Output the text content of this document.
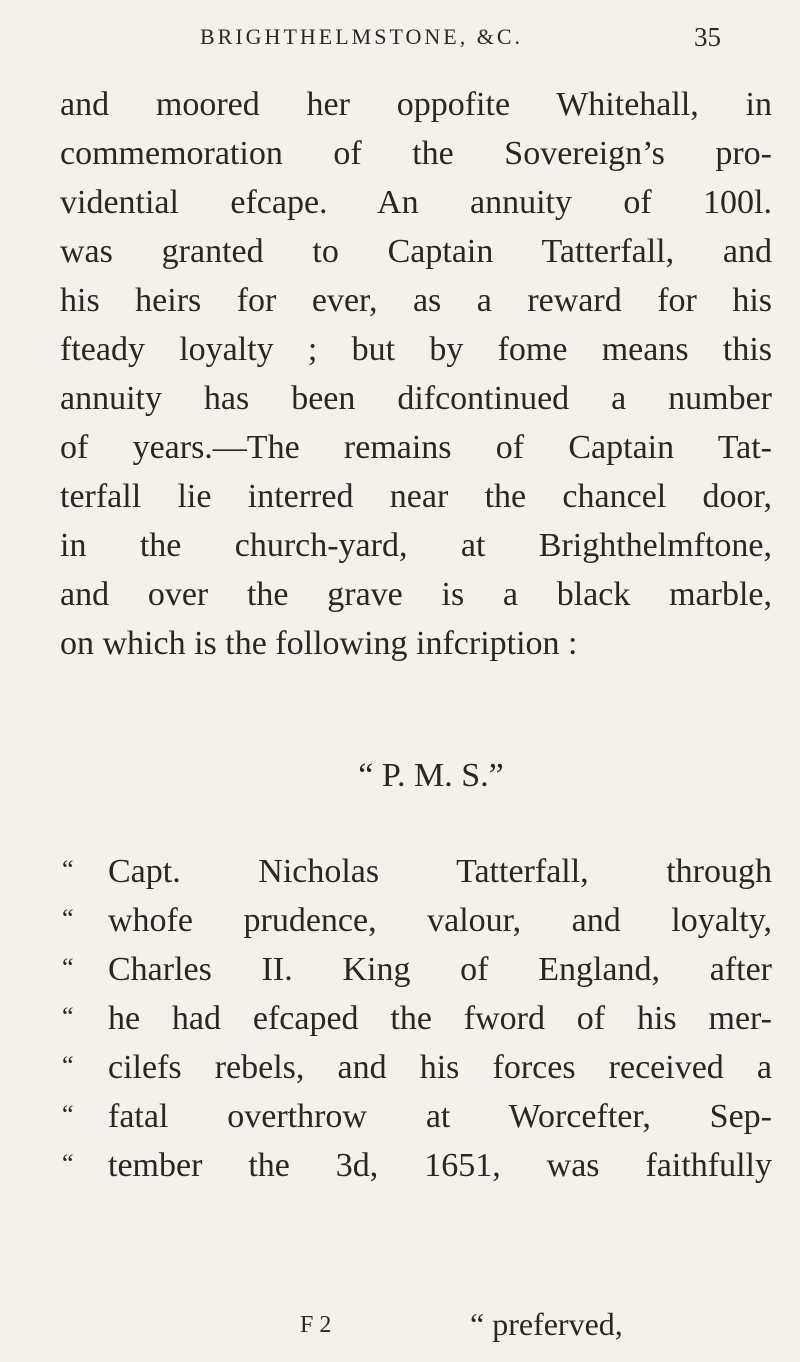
BRIGHTHELMSTONE, &C.	35
and moored her oppofite Whitehall, in
commemoration of the Sovereign’s pro-
vidential efcape. An annuity of 100l.
was granted to Captain Tatterfall, and
his heirs for ever, as a reward for his
fteady loyalty ; but by fome means this
annuity has been difcontinued a number
of years.—The remains of Captain Tat-
terfall lie interred near the chancel door,
in the church-yard, at Brighthelmftone,
and over the grave is a black marble,
on which is the following infcription :
“ P. M. S.”
“ Capt. Nicholas Tatterfall, through
“ whofe prudence, valour, and loyalty,
“ Charles II. King of England, after
“ he had efcaped the fword of his mer-
“ cilefs rebels, and his forces received a
“ fatal overthrow at Worcefter, Sep-
“ tember the 3d, 1651, was faithfully
F 2	“ preferved,
